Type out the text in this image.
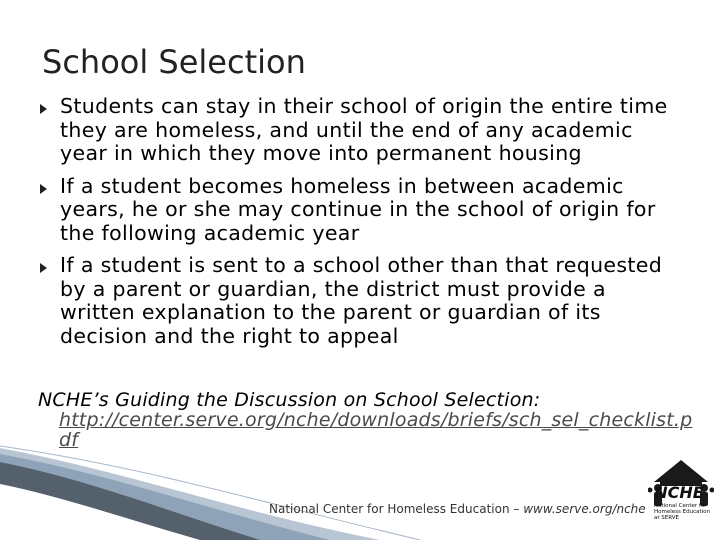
School Selection
Students can stay in their school of origin the entire time they are homeless, and until the end of any academic year in which they move into permanent housing
If a student becomes homeless in between academic years, he or she may continue in the school of origin for the following academic year
If a student is sent to a school other than that requested by a parent or guardian, the district must provide a written explanation to the parent or guardian of its decision and the right to appeal
NCHE’s Guiding the Discussion on School Selection:
http://center.serve.org/nche/downloads/briefs/sch_sel_checklist.pdf
National Center for Homeless Education – www.serve.org/nche
NCHE
National Center for Homeless Education at SERVE
